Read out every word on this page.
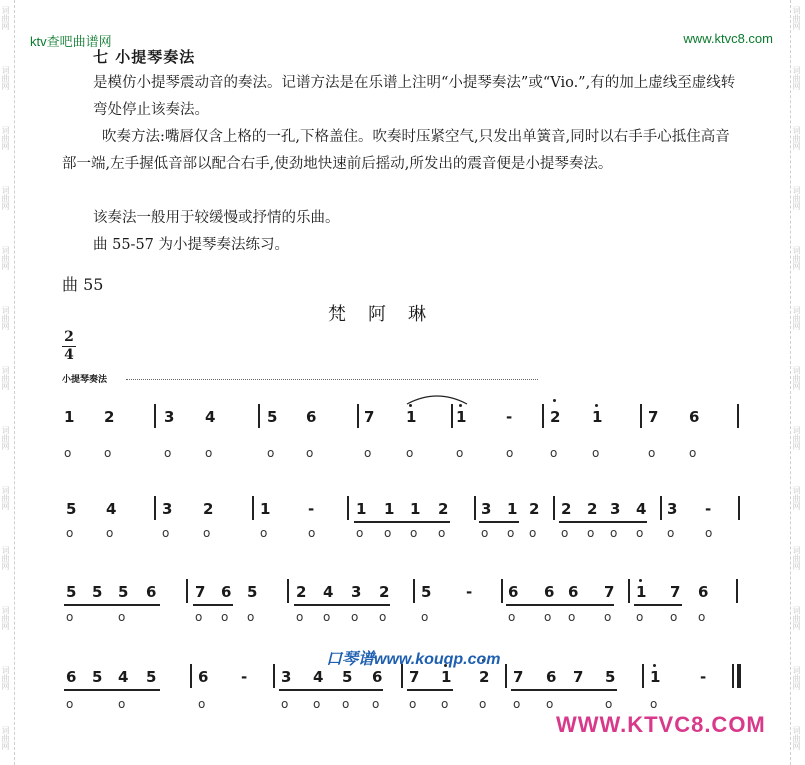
词曲网
词曲网
词曲网
词曲网
词曲网
词曲网
词曲网
词曲网
词曲网
词曲网
词曲网
词曲网
词曲网
词曲网
词曲网
词曲网
词曲网
词曲网
词曲网
词曲网
词曲网
词曲网
词曲网
词曲网
词曲网
词曲网
ktv查吧曲谱网	www.ktvc8.com
七 小提琴奏法
是模仿小提琴震动音的奏法。记谱方法是在乐谱上注明“小提琴奏法”或“Vio.”,有的加上虚线至虚线转弯处停止该奏法。
吹奏方法:嘴唇仅含上格的一孔,下格盖住。吹奏时压紧空气,只发出单簧音,同时以右手手心抵住高音部一端,左手握低音部以配合右手,使劲地快速前后摇动,所发出的震音便是小提琴奏法。
该奏法一般用于较缓慢或抒情的乐曲。
曲 55-57 为小提琴奏法练习。
曲 55
梵阿琳
2
4
小提琴奏法
1 2	3 4	5 6	7 1	1	-	2 1	7 6
o	o	o	o	o	o	o	o	o	o	o	o	o	o
5 4	3 2	1	-	1 1 1 2 3 1 2 2 2 3 4 3 -
o	o	o	o	o	o	o o o o	o o o o o o o o	o
5 5 5 6	7 6 5	2 4 3 2 5 - 6 6 6 7 1 7 6
o	o	o o o	o o o o	o	o o o o o o o
6 5 4 5	6 - 3 4 5 6 7 1 2 7 6 7 5 1	-
o	o	o	o o o o o o	o o o	o	o
口琴谱www.kouqp.com
WWW.KTVC8.COM
